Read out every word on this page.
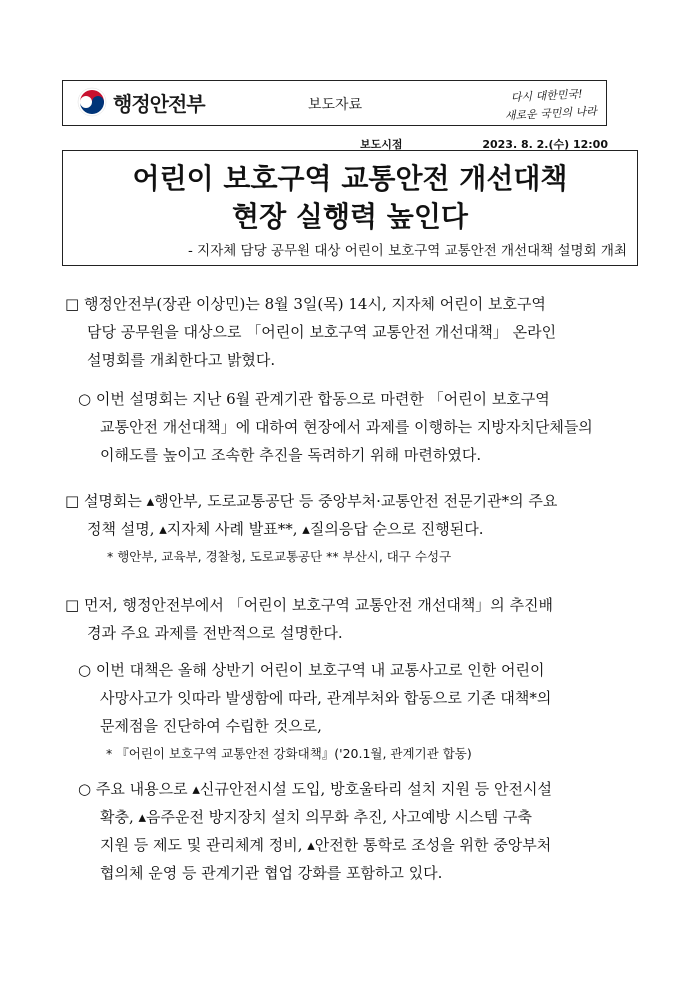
행정안전부	보도자료
다시 대한민국!
새로운 국민의 나라
보도시점	2023. 8. 2.(수) 12:00
어린이 보호구역 교통안전 개선대책
현장 실행력 높인다
- 지자체 담당 공무원 대상 어린이 보호구역 교통안전 개선대책 설명회 개최
□ 행정안전부(장관 이상민)는 8월 3일(목) 14시, 지자체 어린이 보호구역
담당 공무원을 대상으로 「어린이 보호구역 교통안전 개선대책」 온라인
설명회를 개최한다고 밝혔다.
○ 이번 설명회는 지난 6월 관계기관 합동으로 마련한 「어린이 보호구역
교통안전 개선대책」에 대하여 현장에서 과제를 이행하는 지방자치단체들의
이해도를 높이고 조속한 추진을 독려하기 위해 마련하였다.
□ 설명회는 ▴행안부, 도로교통공단 등 중앙부처·교통안전 전문기관*의 주요
정책 설명, ▴지자체 사례 발표**, ▴질의응답 순으로 진행된다.
* 행안부, 교육부, 경찰청, 도로교통공단 ** 부산시, 대구 수성구
□ 먼저, 행정안전부에서 「어린이 보호구역 교통안전 개선대책」의 추진배
경과 주요 과제를 전반적으로 설명한다.
○ 이번 대책은 올해 상반기 어린이 보호구역 내 교통사고로 인한 어린이
사망사고가 잇따라 발생함에 따라, 관계부처와 합동으로 기존 대책*의
문제점을 진단하여 수립한 것으로,
* 『어린이 보호구역 교통안전 강화대책』('20.1월, 관계기관 합동)
○ 주요 내용으로 ▴신규안전시설 도입, 방호울타리 설치 지원 등 안전시설
확충, ▴음주운전 방지장치 설치 의무화 추진, 사고예방 시스템 구축
지원 등 제도 및 관리체계 정비, ▴안전한 통학로 조성을 위한 중앙부처
협의체 운영 등 관계기관 협업 강화를 포함하고 있다.
